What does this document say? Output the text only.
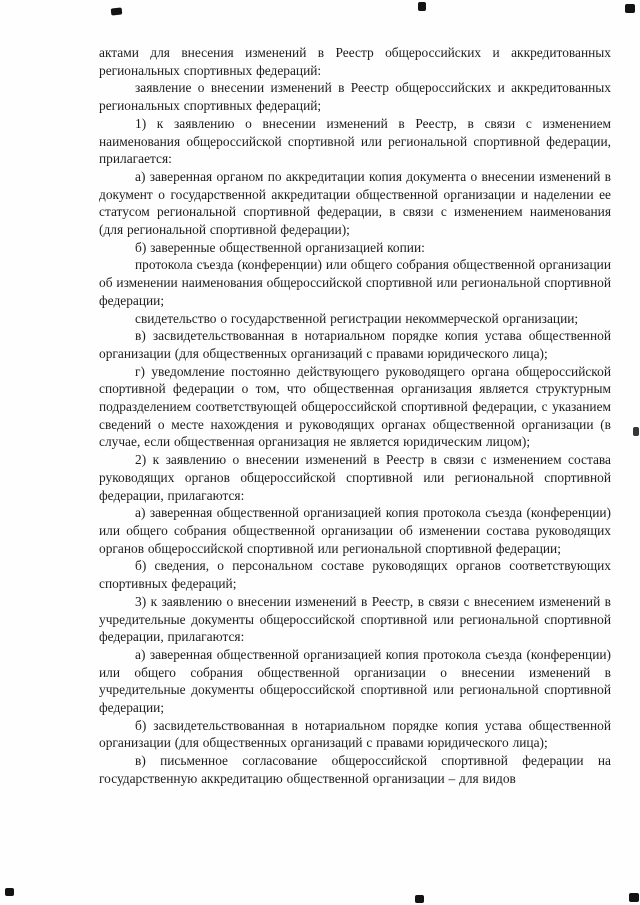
актами для внесения изменений в Реестр общероссийских и аккредитованных региональных спортивных федераций:

заявление о внесении изменений в Реестр общероссийских и аккредитованных региональных спортивных федераций;

1) к заявлению о внесении изменений в Реестр, в связи с изменением наименования общероссийской спортивной или региональной спортивной федерации, прилагается:

а) заверенная органом по аккредитации копия документа о внесении изменений в документ о государственной аккредитации общественной организации и наделении ее статусом региональной спортивной федерации, в связи с изменением наименования (для региональной спортивной федерации);

б) заверенные общественной организацией копии:

протокола съезда (конференции) или общего собрания общественной организации об изменении наименования общероссийской спортивной или региональной спортивной федерации;

свидетельство о государственной регистрации некоммерческой организации;

в) засвидетельствованная в нотариальном порядке копия устава общественной организации (для общественных организаций с правами юридического лица);

г) уведомление постоянно действующего руководящего органа общероссийской спортивной федерации о том, что общественная организация является структурным подразделением соответствующей общероссийской спортивной федерации, с указанием сведений о месте нахождения и руководящих органах общественной организации (в случае, если общественная организация не является юридическим лицом);

2) к заявлению о внесении изменений в Реестр в связи с изменением состава руководящих органов общероссийской спортивной или региональной спортивной федерации, прилагаются:

а) заверенная общественной организацией копия протокола съезда (конференции) или общего собрания общественной организации об изменении состава руководящих органов общероссийской спортивной или региональной спортивной федерации;

б) сведения, о персональном составе руководящих органов соответствующих спортивных федераций;

3) к заявлению о внесении изменений в Реестр, в связи с внесением изменений в учредительные документы общероссийской спортивной или региональной спортивной федерации, прилагаются:

а) заверенная общественной организацией копия протокола съезда (конференции) или общего собрания общественной организации о внесении изменений в учредительные документы общероссийской спортивной или региональной спортивной федерации;

б) засвидетельствованная в нотариальном порядке копия устава общественной организации (для общественных организаций с правами юридического лица);

в) письменное согласование общероссийской спортивной федерации на государственную аккредитацию общественной организации – для видов
